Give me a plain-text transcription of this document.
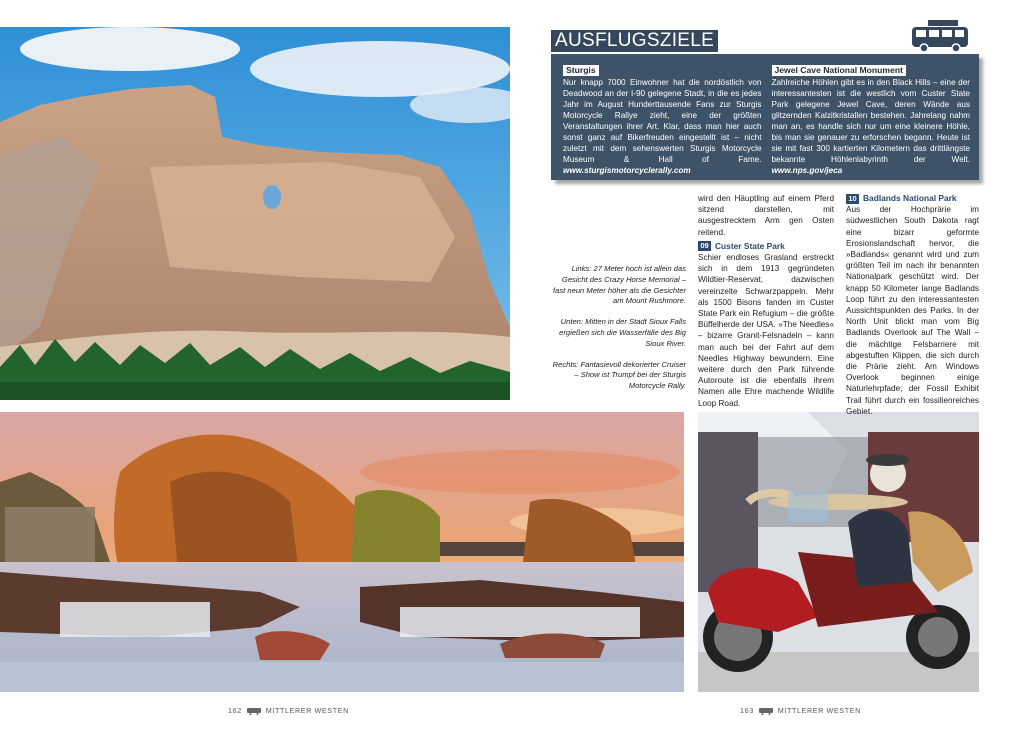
AUSFLUGSZIELE
Sturgis
Nur knapp 7000 Einwohner hat die nordöstlich von Deadwood an der I-90 gelegene Stadt, in die es jedes Jahr im August Hunderttausende Fans zur Sturgis Motorcycle Rallye zieht, eine der größten Veranstaltungen ihrer Art. Klar, dass man hier auch sonst ganz auf Bikerfreuden eingestellt ist – nicht zuletzt mit dem sehenswerten Sturgis Motorcycle Museum & Hall of Fame. www.sturgismotorcyclerally.com
Jewel Cave National Monument
Zahlreiche Höhlen gibt es in den Black Hills – eine der interessantesten ist die westlich vom Custer State Park gelegene Jewel Cave, deren Wände aus glitzernden Kalzitkristallen bestehen. Jahrelang nahm man an, es handle sich nur um eine kleinere Höhle, bis man sie genauer zu erforschen begann. Heute ist sie mit fast 300 kartierten Kilometern das drittlängste bekannte Höhlenlabyrinth der Welt. www.nps.gov/jeca

Links: 27 Meter hoch ist allein das Gesicht des Crazy Horse Memorial – fast neun Meter höher als die Gesichter am Mount Rushmore.

Unten: Mitten in der Stadt Sioux Falls ergießen sich die Wasserfälle des Big Sioux River.

Rechts: Fantasievoll dekorierter Cruiser – Show ist Trumpf bei der Sturgis Motorcycle Rally.

wird den Häuptling auf einem Pferd sitzend darstellen, mit ausgestrecktem Arm gen Osten reitend.

09 Custer State Park

Schier endloses Grasland erstreckt sich in dem 1913 gegründeten Wildtier-Reservat, dazwischen vereinzelte Schwarzpappeln. Mehr als 1500 Bisons fanden im Custer State Park ein Refugium – die größte Büffelherde der USA. »The Needles« – bizarre Granit-Felsnadeln – kann man auch bei der Fahrt auf dem Needles Highway bewundern. Eine weitere durch den Park führende Autoroute ist die ebenfalls ihrem Namen alle Ehre machende Wildlife Loop Road.

10 Badlands National Park

Aus der Hochprärie im südwestlichen South Dakota ragt eine bizarr geformte Erosionslandschaft hervor, die »Badlands« genannt wird und zum größten Teil im nach ihr benannten Nationalpark geschützt wird. Der knapp 50 Kilometer lange Badlands Loop führt zu den interessantesten Aussichtspunkten des Parks. In der North Unit blickt man vom Big Badlands Overlook auf The Wall – die mächtige Felsbarriere mit abgestuften Klippen, die sich durch die Prärie zieht. Am Windows Overlook beginnen einige Naturlehrpfade; der Fossil Exhibit Trail führt durch ein fossilienreiches Gebiet.

162	MITTLERER WESTEN	163	MITTLERER WESTEN
